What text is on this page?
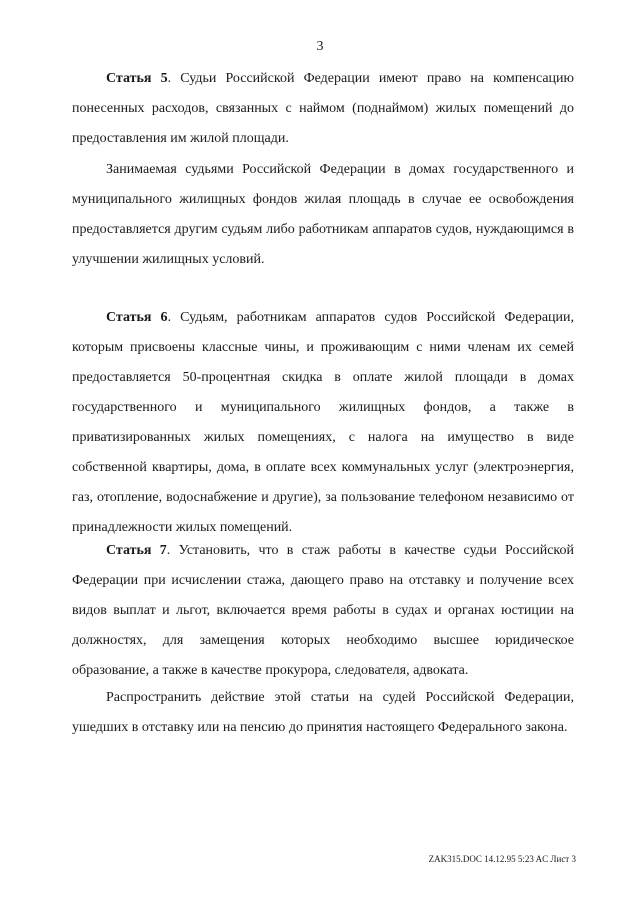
3

Статья 5. Судьи Российской Федерации имеют право на компенсацию понесенных расходов, связанных с наймом (поднаймом) жилых помещений до предоставления им жилой площади.

Занимаемая судьями Российской Федерации в домах государственного и муниципального жилищных фондов жилая площадь в случае ее освобождения предоставляется другим судьям либо работникам аппаратов судов, нуждающимся в улучшении жилищных условий.

Статья 6. Судьям, работникам аппаратов судов Российской Федерации, которым присвоены классные чины, и проживающим с ними членам их семей предоставляется 50-процентная скидка в оплате жилой площади в домах государственного и муниципального жилищных фондов, а также в приватизированных жилых помещениях, с налога на имущество в виде собственной квартиры, дома, в оплате всех коммунальных услуг (электроэнергия, газ, отопление, водоснабжение и другие), за пользование телефоном независимо от принадлежности жилых помещений.

Статья 7. Установить, что в стаж работы в качестве судьи Российской Федерации при исчислении стажа, дающего право на отставку и получение всех видов выплат и льгот, включается время работы в судах и органах юстиции на должностях, для замещения которых необходимо высшее юридическое образование, а также в качестве прокурора, следователя, адвоката.

Распространить действие этой статьи на судей Российской Федерации, ушедших в отставку или на пенсию до принятия настоящего Федерального закона.

ZAK315.DOC 14.12.95 5:23 AC Лист 3
